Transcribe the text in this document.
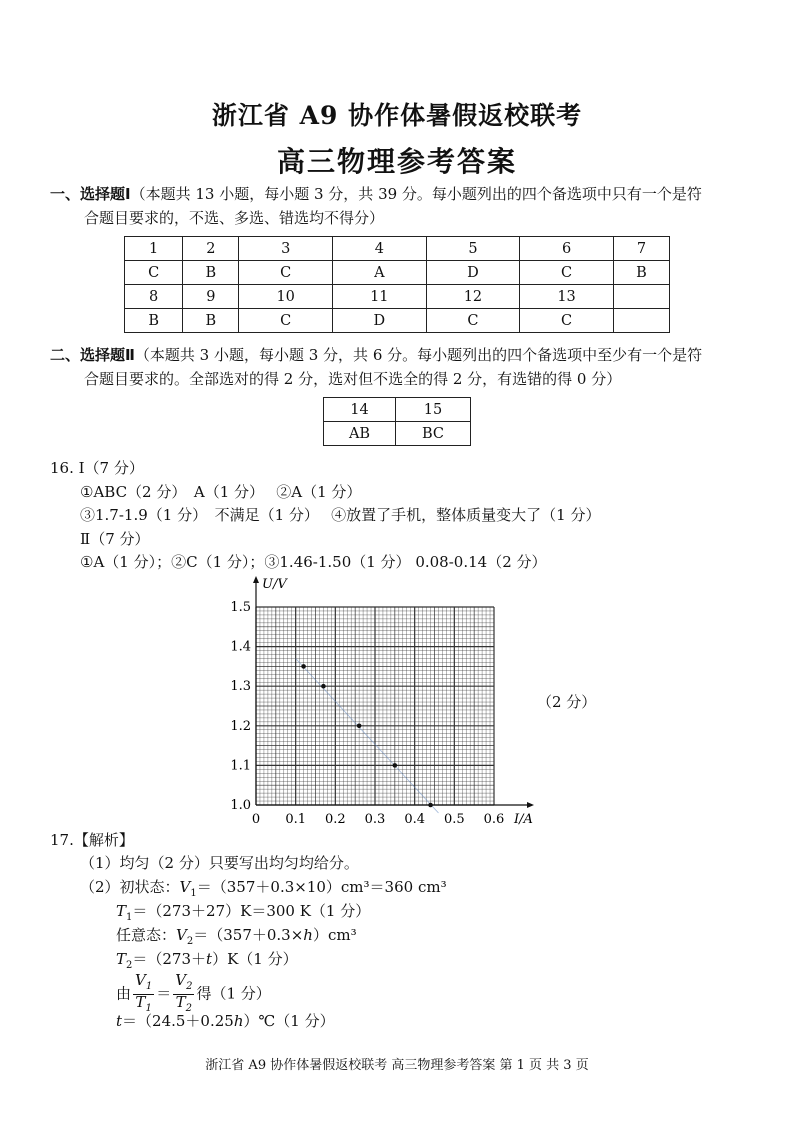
浙江省 A9 协作体暑假返校联考
高三物理参考答案
一、选择题Ⅰ（本题共 13 小题，每小题 3 分，共 39 分。每小题列出的四个备选项中只有一个是符
合题目要求的，不选、多选、错选均不得分）
1	2	3	4	5	6	7
C	B	C	A	D	C	B
8	9	10	11	12	13	
B	B	C	D	C	C	
二、选择题Ⅱ（本题共 3 小题，每小题 3 分，共 6 分。每小题列出的四个备选项中至少有一个是符
合题目要求的。全部选对的得 2 分，选对但不选全的得 2 分，有选错的得 0 分）
14	15
AB	BC
16. Ⅰ（7 分）
①ABC（2 分）　A（1 分）　 ②A（1 分）
③1.7-1.9（1 分）　不满足（1 分）　 ④放置了手机，整体质量变大了（1 分）
Ⅱ（7 分）
①A（1 分）；②C（1 分）；③1.46-1.50（1 分） 0.08-0.14（2 分）
1.0
1.1
1.2
1.3
1.4
1.5
0 0.1 0.2 0.3 0.4 0.5 0.6
U/V
I/A
（2 分）
17.【解析】
（1）均匀（2 分）只要写出均匀均给分。
（2）初状态：$V_1=(357+0.3\times 10)cm^3=360$ cm³
$T_1=(273+27)K=300$ K（1 分）
任意态：$V_2=(357+0.3\times h)cm^3$
$T_2=(273+t)K(1$ 分）
由 $\frac{V_1}{T_1} = \frac{V_2}{T_2}$ 得（1 分）
t＝（24.5＋0.25h）℃（1 分）
浙江省 A9 协作体暑假返校联考 高三物理参考答案 第 1 页 共 3 页
